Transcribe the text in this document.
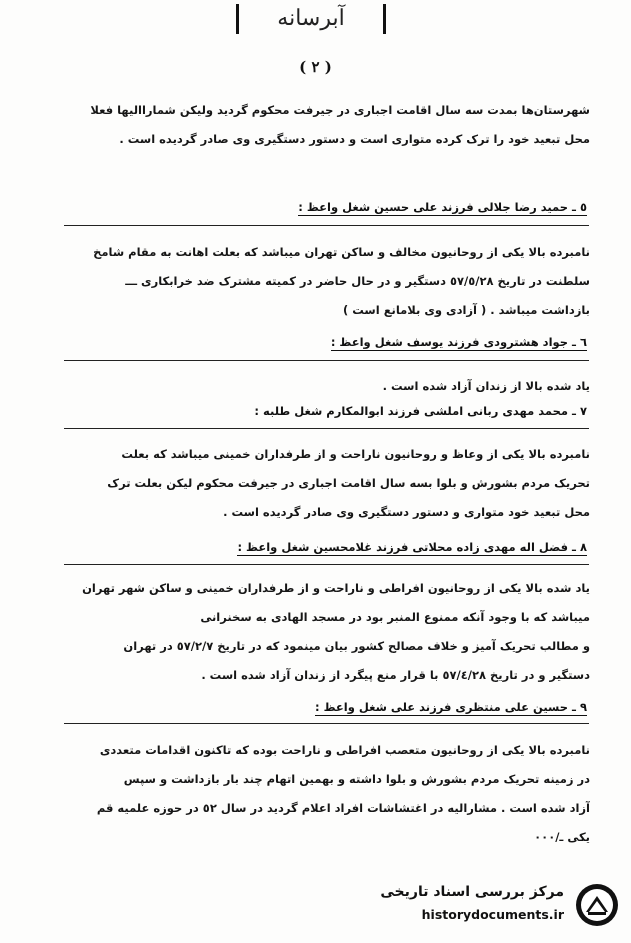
آبرسانه
( ٢ )
شهرستان‌ها بمدت سه سال اقامت اجباری در جیرفت محکوم گردید ولیکن شماراالیها فعلا
محل تبعید خود را ترک کرده متواری است و دستور دستگیری وی صادر گردیده است .
٥ ـ حمید رضا جلالی فرزند علی حسین شغل واعظ :
نامبرده بالا یکی از روحانیون مخالف و ساکن تهران میباشد که بعلت اهانت به مقام شامخ
سلطنت در تاریخ ٥٧/٥/٢٨ دستگیر و در حال حاضر در کمیته مشترک ضد خرابکاری ـــ
بازداشت میباشد . ( آزادی وی بلامانع است )
٦ ـ جواد هشترودی فرزند یوسف شغل واعظ :
یاد شده بالا از زندان آزاد شده است .
٧ ـ محمد مهدی ربانی املشی فرزند ابوالمکارم شغل طلبه :
نامبرده بالا یکی از وعاظ و روحانیون ناراحت و از طرفداران خمینی میباشد که بعلت
تحریک مردم بشورش و بلوا بسه سال اقامت اجباری در جیرفت محکوم لیکن بعلت ترک
محل تبعید خود متواری و دستور دستگیری وی صادر گردیده است .
٨ ـ فضل اله مهدی زاده محلاتی فرزند غلامحسین شغل واعظ :
یاد شده بالا یکی از روحانیون افراطی و ناراحت و از طرفداران خمینی و ساکن شهر تهران
میباشد که با وجود آنکه ممنوع المنبر بود در مسجد الهادی به سخنرانی
و مطالب تحریک آمیز و خلاف مصالح کشور بیان مینمود که در تاریخ ٥٧/٢/٧ در تهران
دستگیر و در تاریخ ٥٧/٤/٢٨ با قرار منع پیگرد از زندان آزاد شده است .
٩ ـ حسین علی منتظری فرزند علی شغل واعظ :
نامبرده بالا یکی از روحانیون متعصب افراطی و ناراحت بوده که تاکنون اقدامات متعددی
در زمینه تحریک مردم بشورش و بلوا داشته و بهمین اتهام چند بار بازداشت و سپس
آزاد شده است . مشارالیه در اغتشاشات افراد اعلام گردید در سال ٥٢ در حوزه علمیه قم
یکی ـ/٠٠٠
مرکز بررسی اسناد تاریخی
historydocuments.ir
